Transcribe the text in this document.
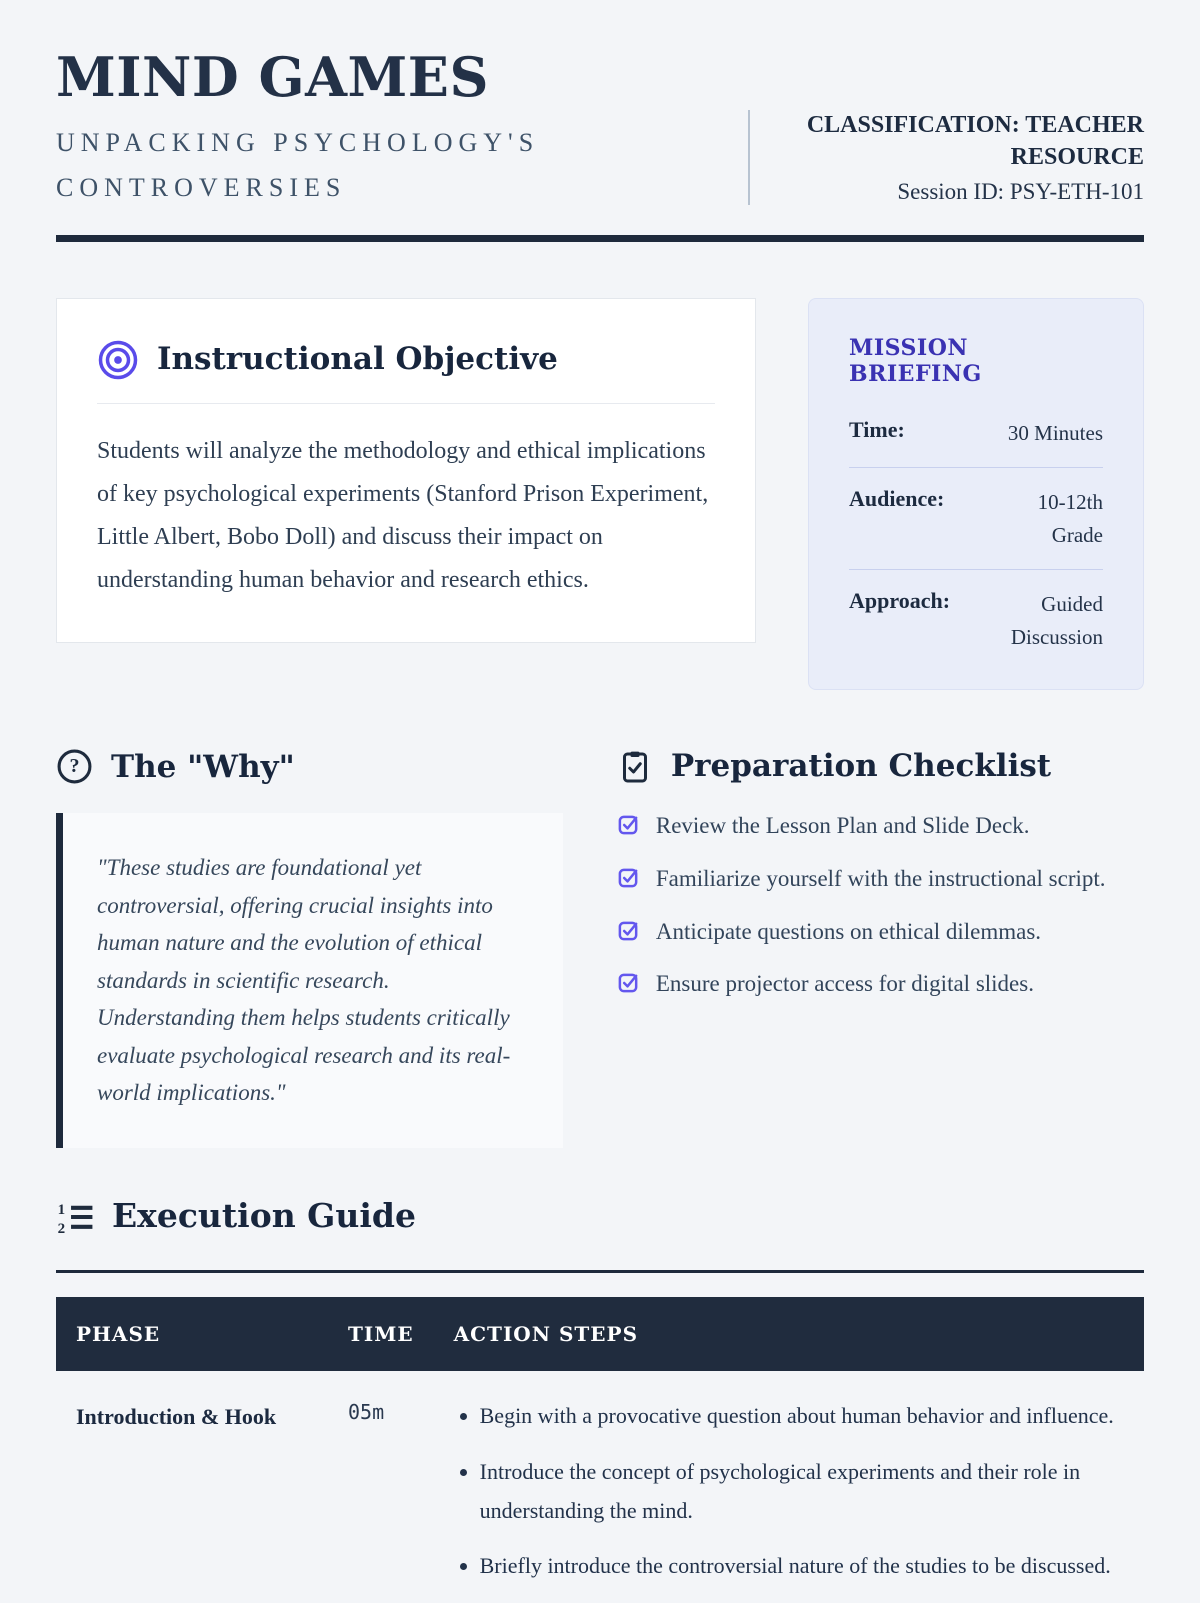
MIND GAMES
UNPACKING PSYCHOLOGY'S CONTROVERSIES
CLASSIFICATION: TEACHER RESOURCE
Session ID: PSY-ETH-101
Instructional Objective

Students will analyze the methodology and ethical implications of key psychological experiments (Stanford Prison Experiment, Little Albert, Bobo Doll) and discuss their impact on understanding human behavior and research ethics.

MISSION BRIEFING
Time:	30 Minutes
Audience:	10-12th Grade
Approach:	Guided Discussion
? The "Why"
"These studies are foundational yet controversial, offering crucial insights into human nature and the evolution of ethical standards in scientific research. Understanding them helps students critically evaluate psychological research and its real-world implications."
Preparation Checklist
Review the Lesson Plan and Slide Deck.
Familiarize yourself with the instructional script.
Anticipate questions on ethical dilemmas.
Ensure projector access for digital slides.
1
2 Execution Guide
PHASE	TIME	ACTION STEPS
Introduction & Hook	05m	
•Begin with a provocative question about human behavior and influence.
• Introduce the concept of psychological experiments and their role in understanding the mind.
• Briefly introduce the controversial nature of the studies to be discussed.
